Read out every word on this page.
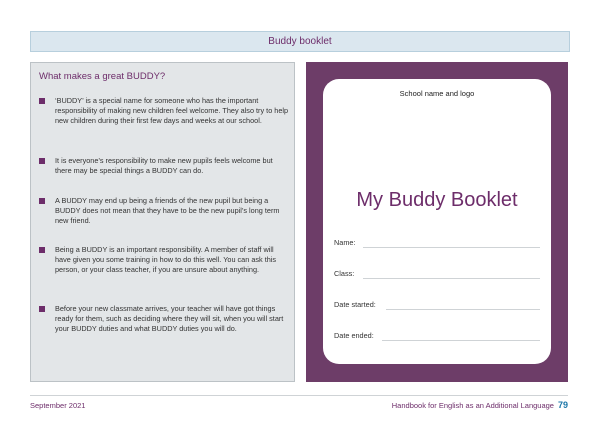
Buddy booklet
What makes a great BUDDY?
‘BUDDY’ is a special name for someone who has the important responsibility of making new children feel welcome. They also try to help new children during their first few days and weeks at our school.
It is everyone’s responsibility to make new pupils feels welcome but there may be special things a BUDDY can do.
A BUDDY may end up being a friends of the new pupil but being a BUDDY does not mean that they have to be the new pupil’s long term new friend.
Being a BUDDY is an important responsibility. A member of staff will have given you some training in how to do this well. You can ask this person, or your class teacher, if you are unsure about anything.
Before your new classmate arrives, your teacher will have got things ready for them, such as deciding where they will sit, when you will start your BUDDY duties and what BUDDY duties you will do.
School name and logo
My Buddy Booklet
Name:
Class:
Date started:
Date ended:
September 2021	Handbook for English as an Additional Language 79
